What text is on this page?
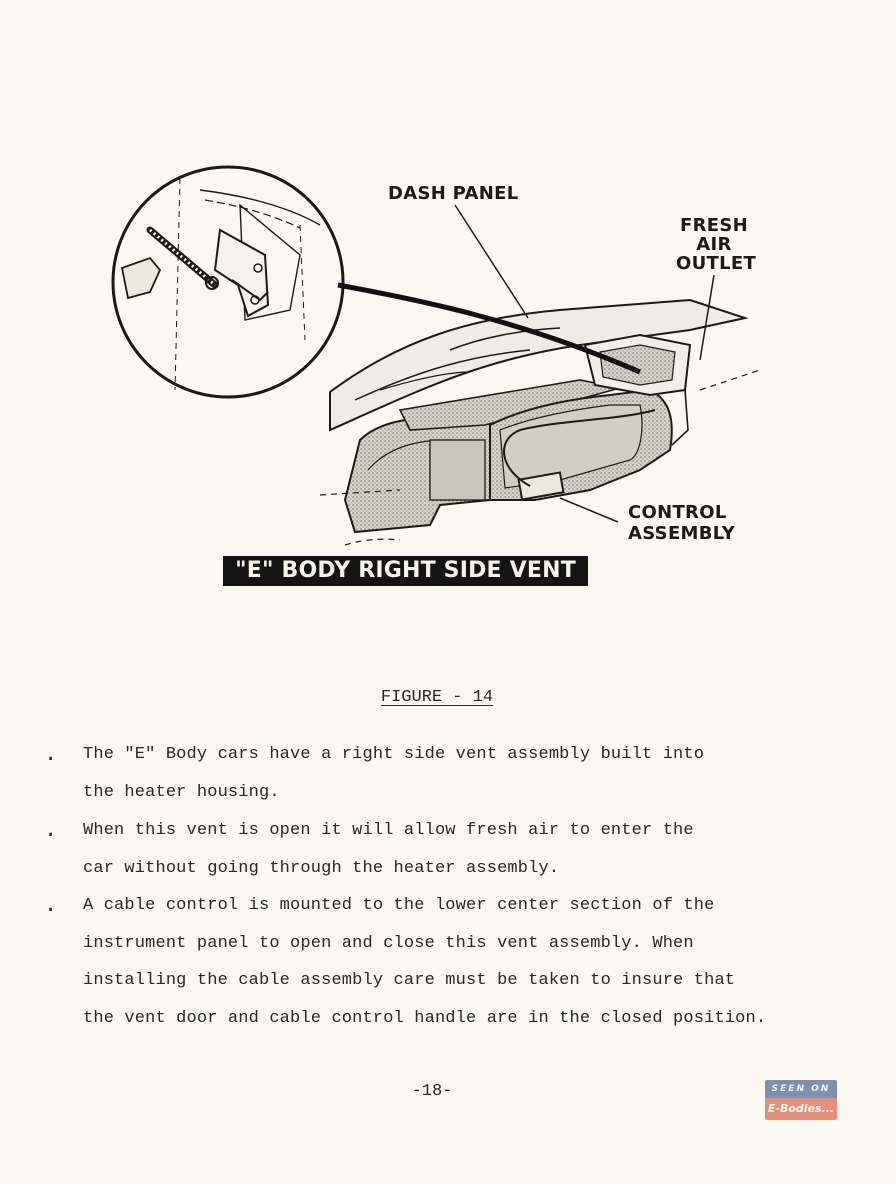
DASH PANEL
FRESH
AIR
OUTLET
CONTROL
ASSEMBLY
"E" BODY RIGHT SIDE VENT
FIGURE - 14
. The "E" Body cars have a right side vent assembly built into
the heater housing.
. When this vent is open it will allow fresh air to enter the
car without going through the heater assembly.
. A cable control is mounted to the lower center section of the
instrument panel to open and close this vent assembly. When
installing the cable assembly care must be taken to insure that
the vent door and cable control handle are in the closed position.
-18-	SEEN ON
E-Bodies...
